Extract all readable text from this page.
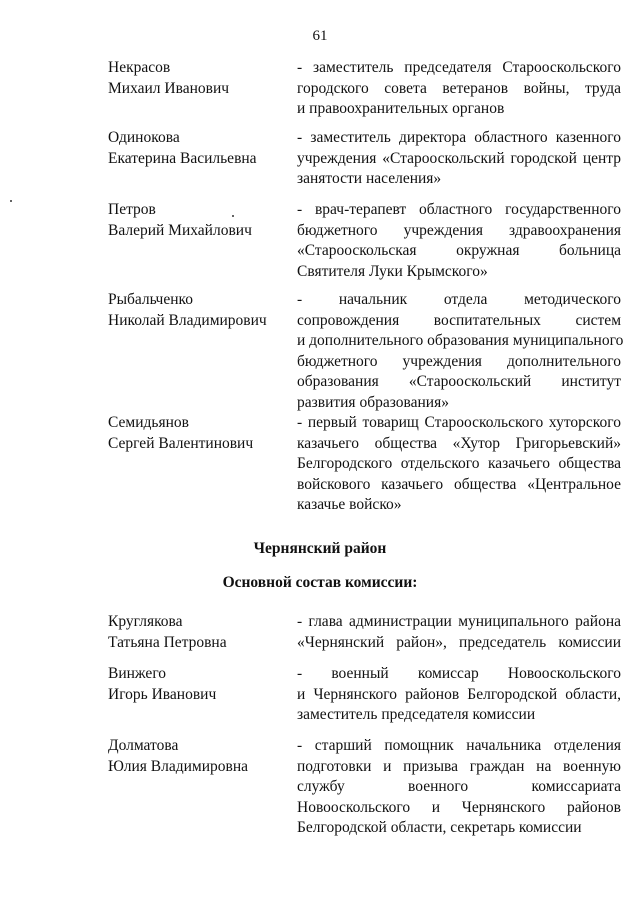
61
Некрасов
Михаил Иванович
- заместитель председателя Старооскольского
городского совета ветеранов войны, труда
и правоохранительных органов
Одинокова
Екатерина Васильевна
- заместитель директора областного казенного
учреждения «Старооскольский городской центр
занятости населения»
Петров
Валерий Михайлович
- врач-терапевт областного государственного
бюджетного учреждения здравоохранения
«Старооскольская окружная больница
Святителя Луки Крымского»
Рыбальченко
Николай Владимирович
- начальник отдела методического
сопровождения воспитательных систем
и дополнительного образования муниципального
бюджетного учреждения дополнительного
образования «Старооскольский институт
развития образования»
Семидьянов
Сергей Валентинович
- первый товарищ Старооскольского хуторского
казачьего общества «Хутор Григорьевский»
Белгородского отдельского казачьего общества
войскового казачьего общества «Центральное
казачье войско»
Чернянский район
Основной состав комиссии:
Круглякова
Татьяна Петровна
- глава администрации муниципального района
«Чернянский район», председатель комиссии
Винжего
Игорь Иванович
- военный комиссар Новооскольского
и Чернянского районов Белгородской области,
заместитель председателя комиссии
Долматова
Юлия Владимировна
- старший помощник начальника отделения
подготовки и призыва граждан на военную
службу военного комиссариата
Новооскольского и Чернянского районов
Белгородской области, секретарь комиссии
